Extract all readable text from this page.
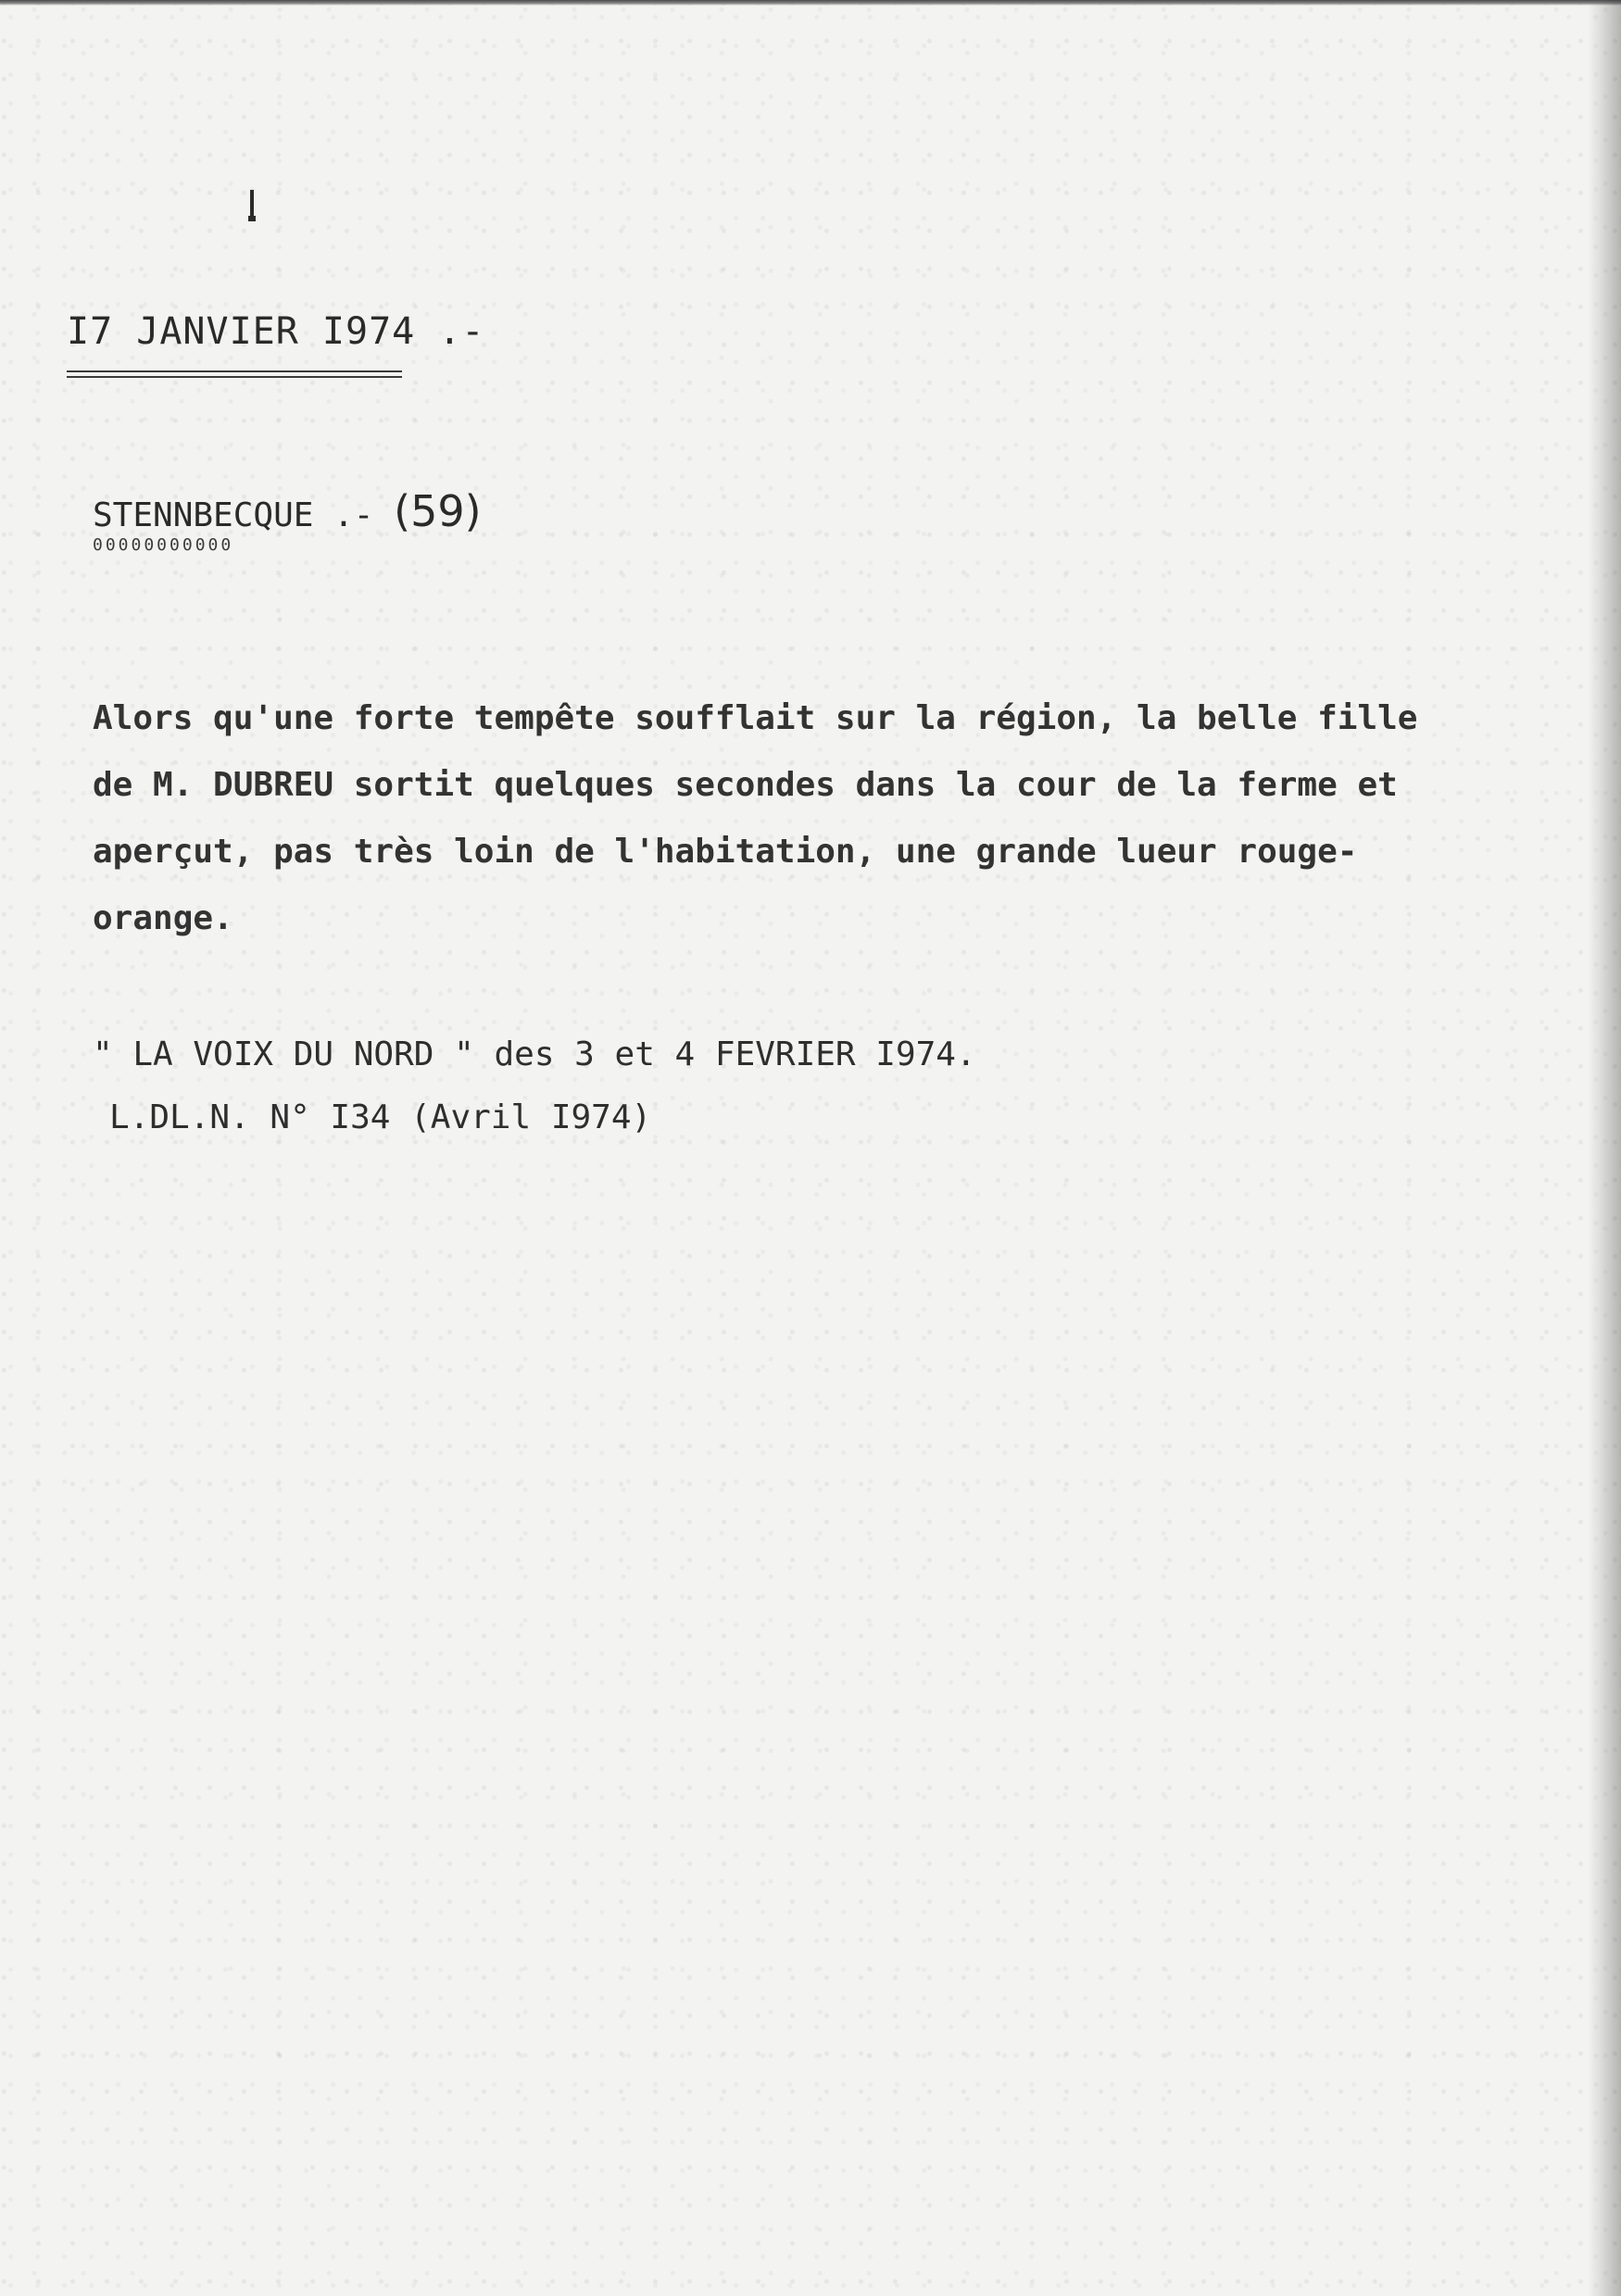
I7 JANVIER I974 .-
STENNBECQUE .- (59)
00000000000

Alors qu'une forte tempête soufflait sur la région, la belle fille

de M. DUBREU sortit quelques secondes dans la cour de la ferme et

aperçut, pas très loin de l'habitation, une grande lueur rouge-

orange.

" LA VOIX DU NORD " des 3 et 4 FEVRIER I974.

L.DL.N. N° I34 (Avril I974)
